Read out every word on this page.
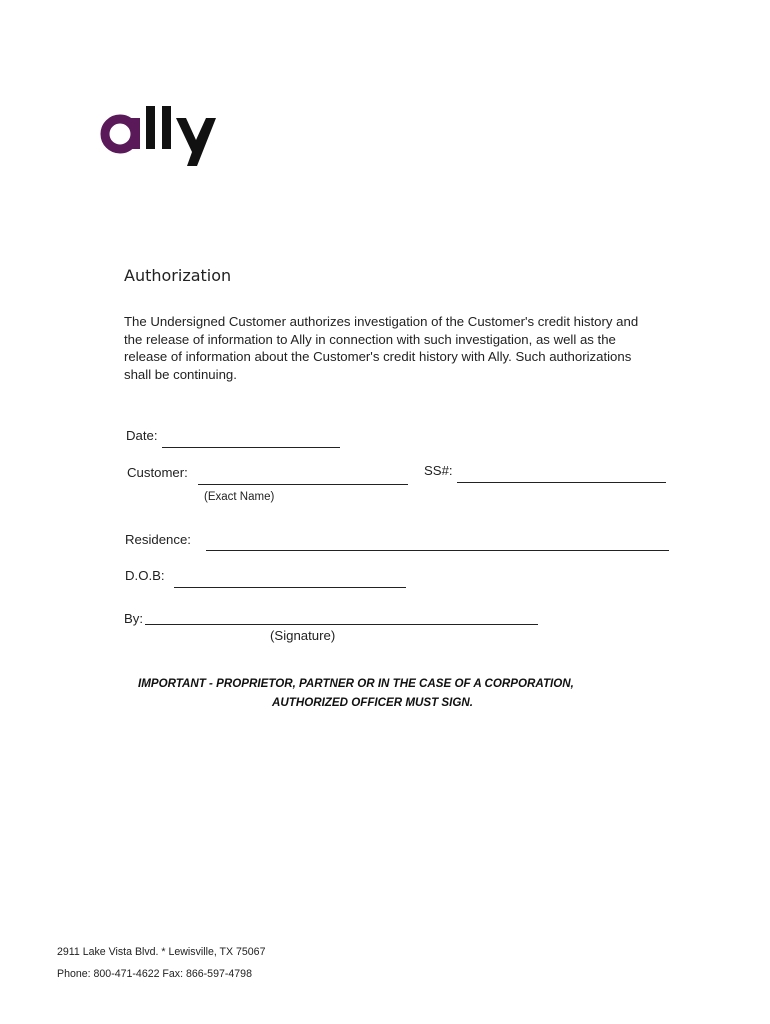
Authorization
The Undersigned Customer authorizes investigation of the Customer's credit history and
the release of information to Ally in connection with such investigation, as well as the
release of information about the Customer's credit history with Ally. Such authorizations
shall be continuing.
Date:
Customer:	SS#:
(Exact Name)
Residence:
D.O.B:
By:
(Signature)
IMPORTANT - PROPRIETOR, PARTNER OR IN THE CASE OF A CORPORATION,
AUTHORIZED OFFICER MUST SIGN.
2911 Lake Vista Blvd. * Lewisville, TX 75067
Phone: 800-471-4622 Fax: 866-597-4798
